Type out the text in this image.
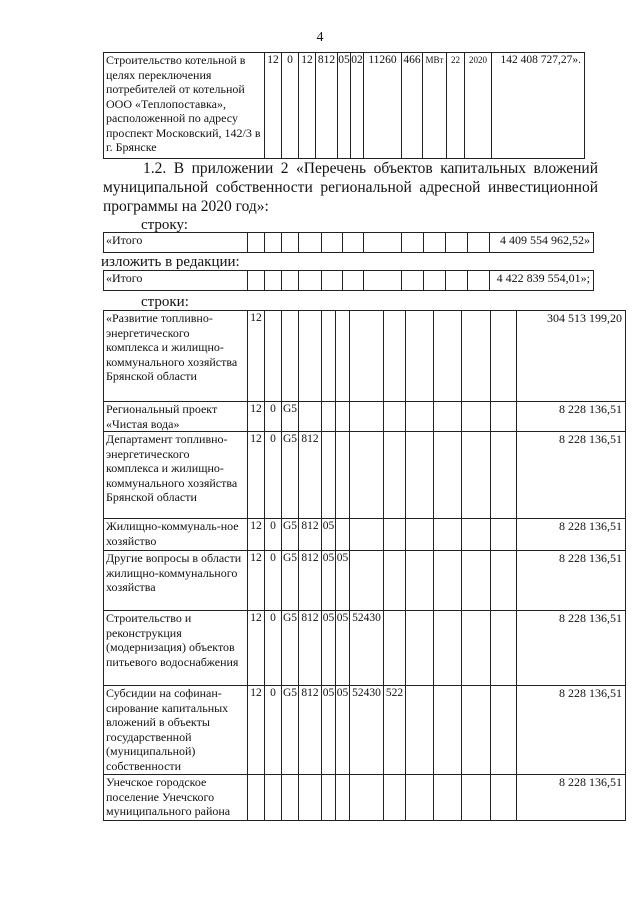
4
Строительство котельной в целях переключения потребителей от котельной ООО «Теплопоставка», расположенной по адресу проспект Московский, 142/3 в г. Брянске	12	0	12	812	05	02	11260	466	МВт	22	2020	142 408 727,27».
1.2. В приложении 2 «Перечень объектов капитальных вложений муниципальной собственности региональной адресной инвестиционной программы на 2020 год»:
строку:
«Итого												4 409 554 962,52»
изложить в редакции:
«Итого												4 422 839 554,01»;
строки:
«Развитие топливно-энергетического комплекса и жилищно-коммунального хозяйства Брянской области	12												304 513 199,20
Региональный проект «Чистая вода»	12	0	G5										8 228 136,51
Департамент топливно-энергетического комплекса и жилищно-коммунального хозяйства Брянской области	12	0	G5	812									8 228 136,51
Жилищно-коммуналь-ное хозяйство	12	0	G5	812	05								8 228 136,51
Другие вопросы в области жилищно-коммунального хозяйства	12	0	G5	812	05	05							8 228 136,51
Строительство и реконструкция (модернизация) объектов питьевого водоснабжения	12	0	G5	812	05	05	52430						8 228 136,51
Субсидии на софинан-сирование капитальных вложений в объекты государственной (муниципальной) собственности	12	0	G5	812	05	05	52430	522					8 228 136,51
Унечское городское поселение Унечского муниципального района													8 228 136,51
